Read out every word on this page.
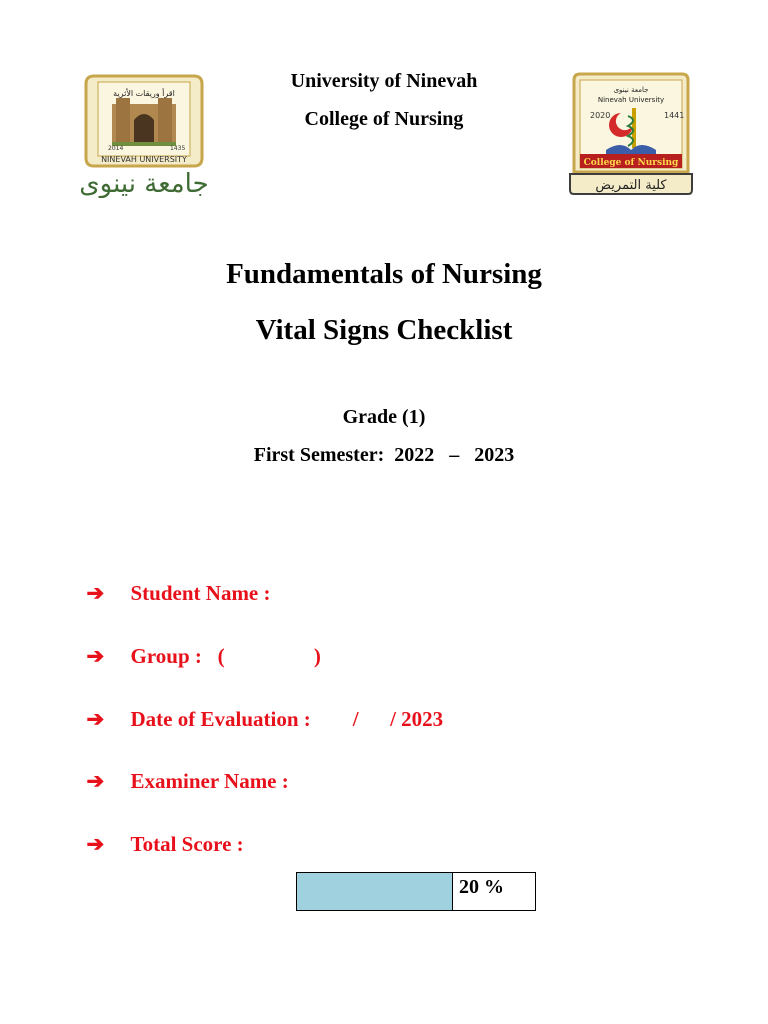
اقرأ وريقات الأثرية
2014	1435
NINEVAH UNIVERSITY
جامعة نينوى
University of Ninevah
College of Nursing
جامعة نينوى
Ninevah University
2020	1441
College of Nursing
كلية التمريض
Fundamentals of Nursing
Vital Signs Checklist
Grade (1)
First Semester:  2022   –   2023

➔ Student Name :

➔ Group :   (                 )

➔ Date of Evaluation :        /      / 2023

➔ Examiner Name :

➔ Total Score :

20 %
